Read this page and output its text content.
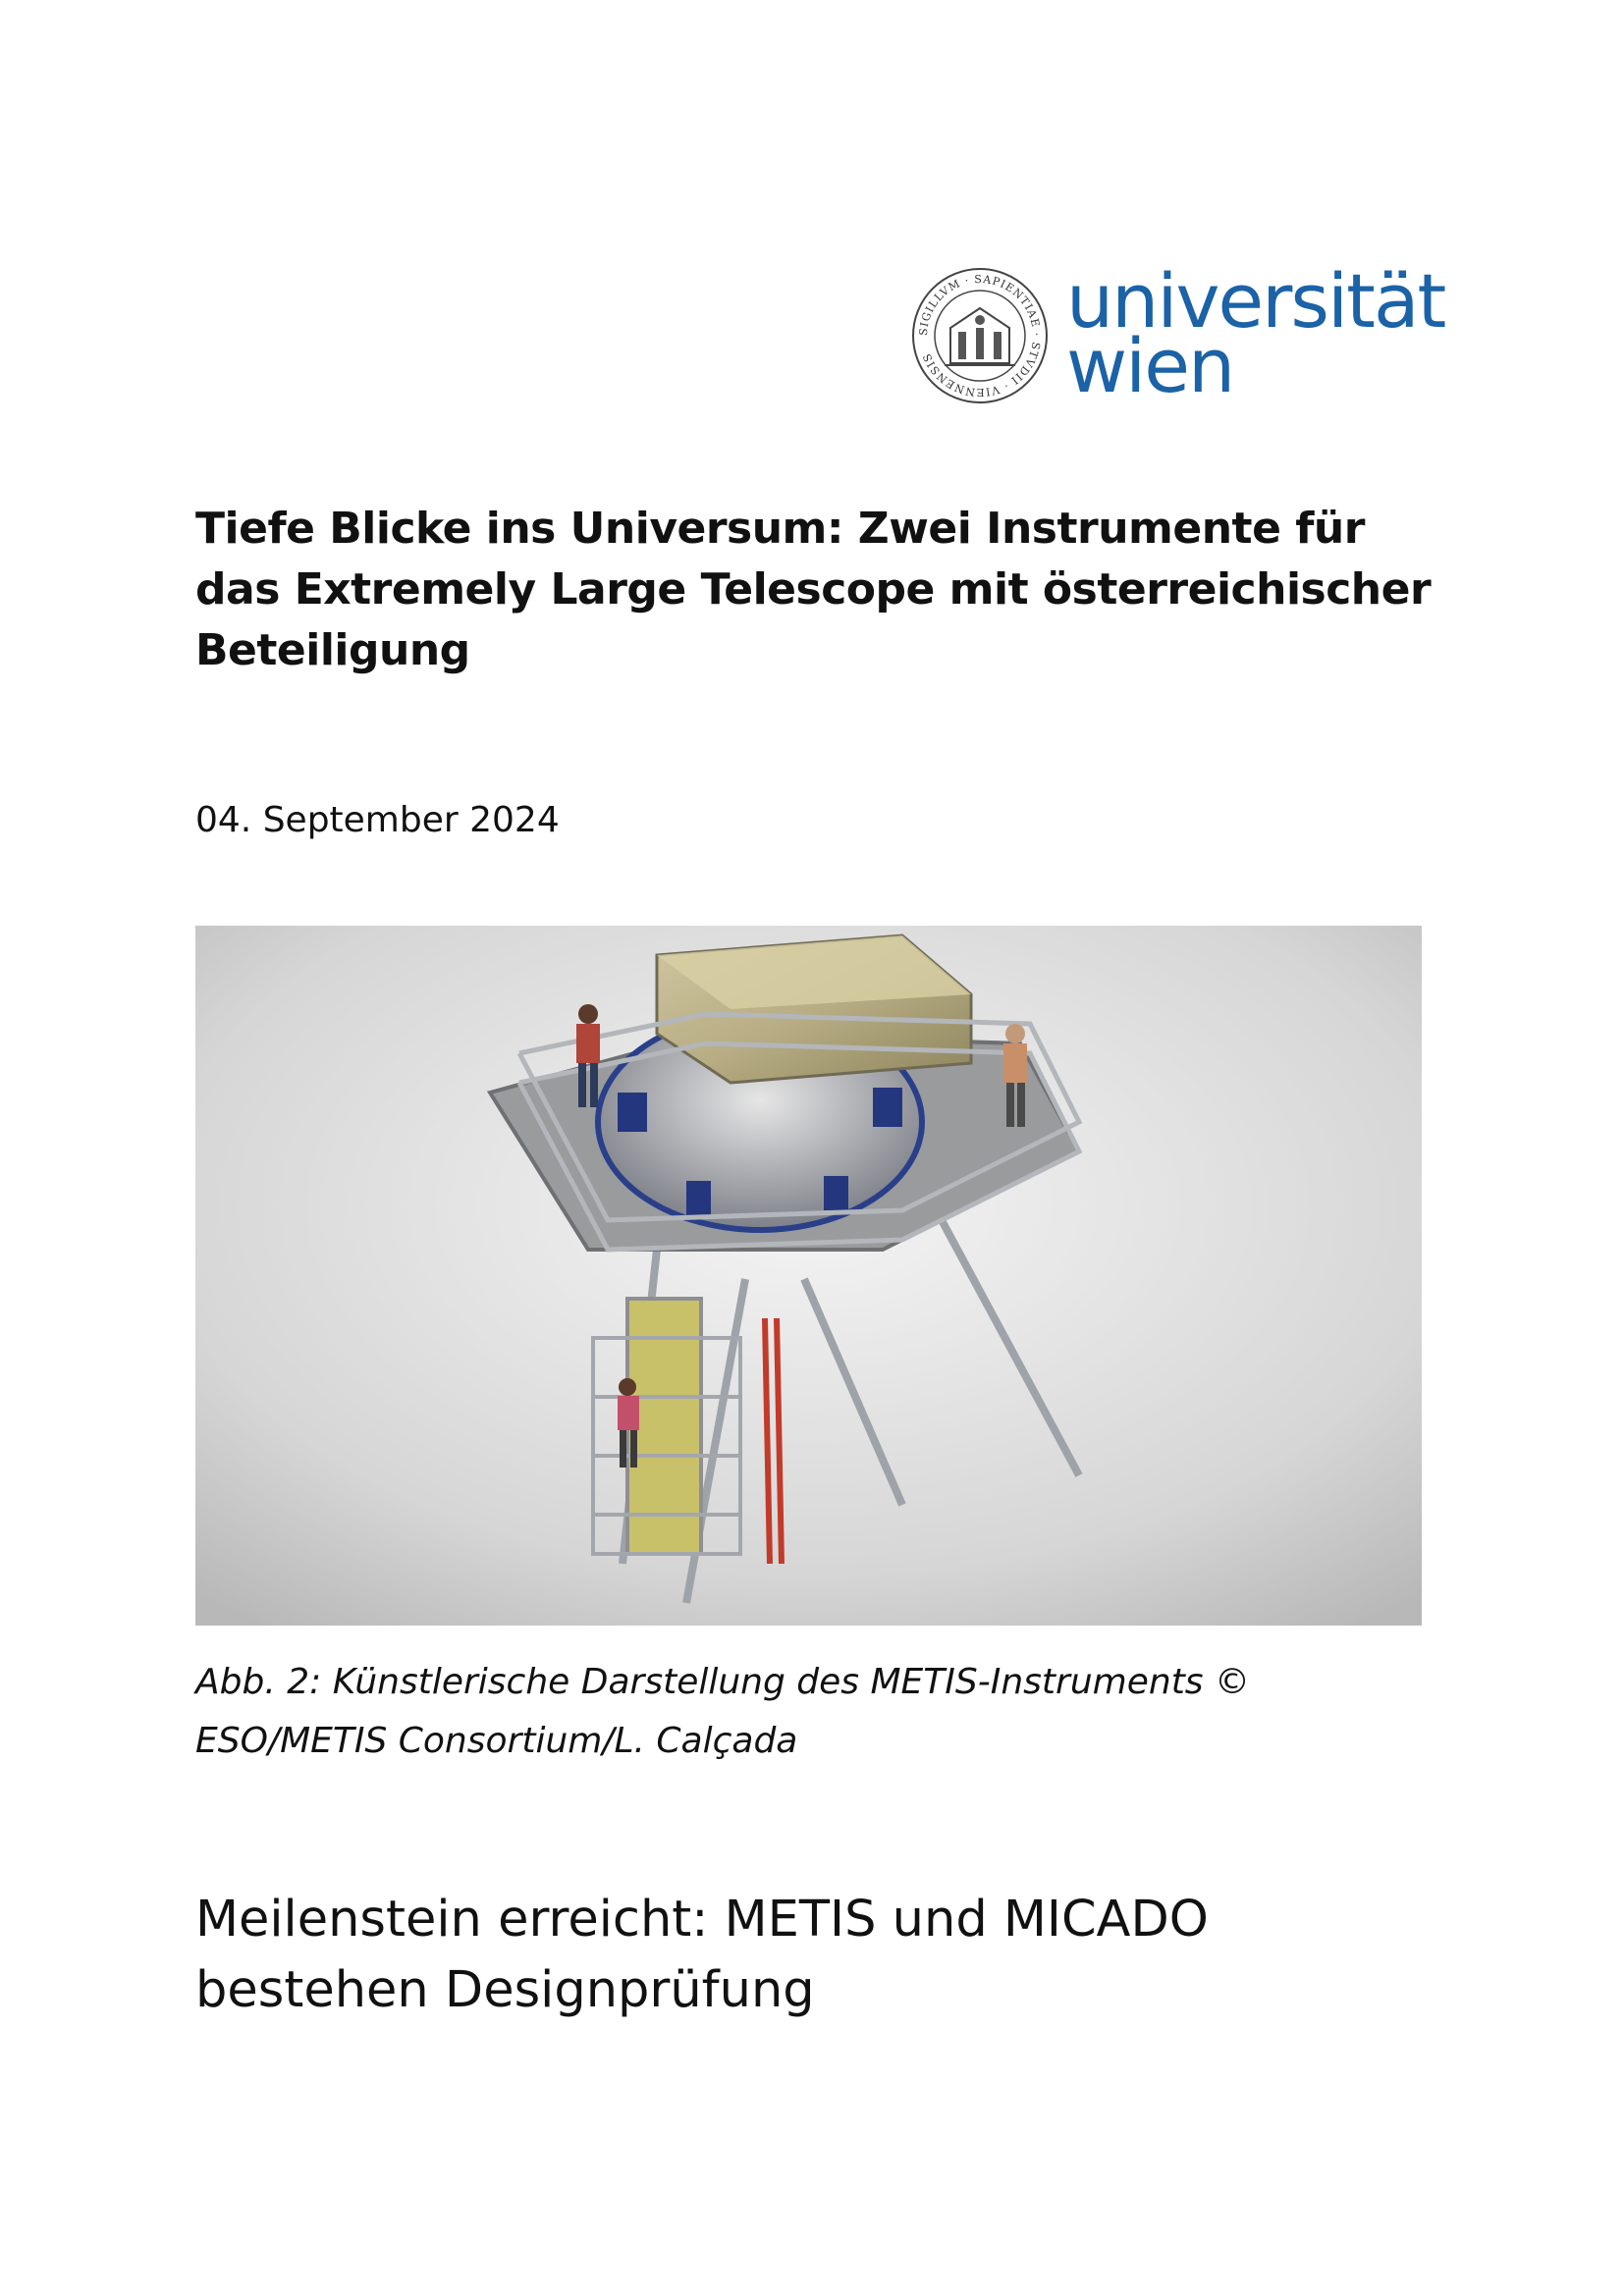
SIGILLVM · SAPIENTIAE · STVDII · VIENNENSIS
universität
wien
Tiefe Blicke ins Universum: Zwei Instrumente für das Extremely Large Telescope mit österreichischer Beteiligung
04. September 2024
Abb. 2: Künstlerische Darstellung des METIS-Instruments © ESO/METIS Consortium/L. Calçada
Meilenstein erreicht: METIS und MICADO bestehen Designprüfung
